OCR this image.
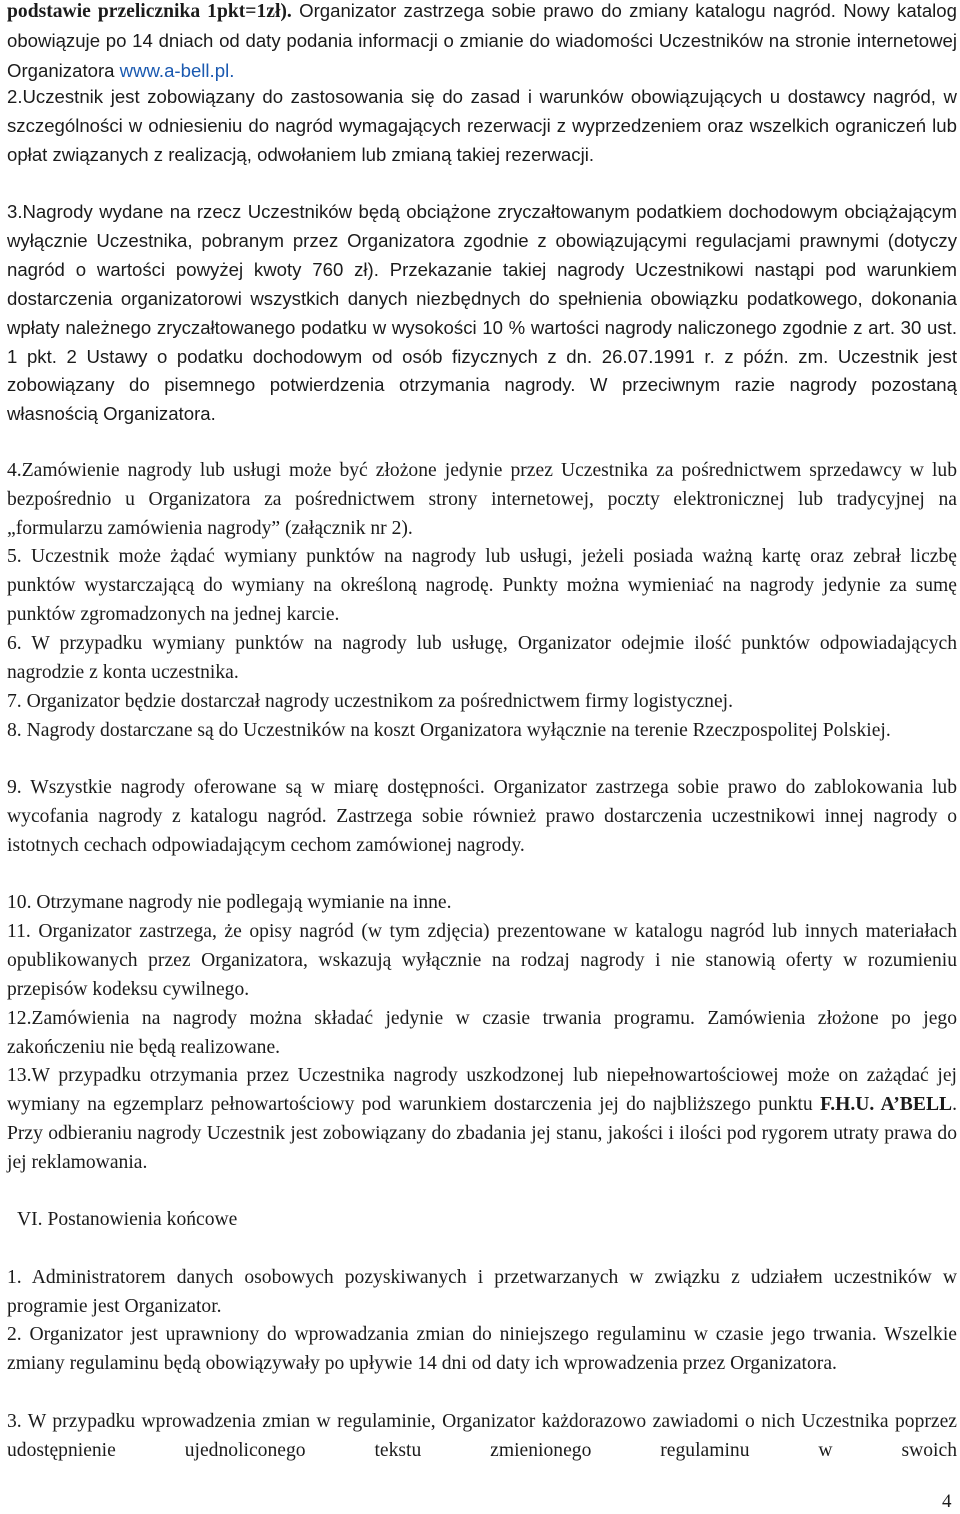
podstawie przelicznika 1pkt=1zł). Organizator zastrzega sobie prawo do zmiany katalogu nagród. Nowy katalog obowiązuje po 14 dniach od daty podania informacji o zmianie do wiadomości Uczestników na stronie internetowej Organizatora www.a-bell.pl.

2.Uczestnik jest zobowiązany do zastosowania się do zasad i warunków obowiązujących u dostawcy nagród, w szczególności w odniesieniu do nagród wymagających rezerwacji z wyprzedzeniem oraz wszelkich ograniczeń lub opłat związanych z realizacją, odwołaniem lub zmianą takiej rezerwacji.

3.Nagrody wydane na rzecz Uczestników będą obciążone zryczałtowanym podatkiem dochodowym obciążającym wyłącznie Uczestnika, pobranym przez Organizatora zgodnie z obowiązującymi regulacjami prawnymi (dotyczy nagród o wartości powyżej kwoty 760 zł). Przekazanie takiej nagrody Uczestnikowi nastąpi pod warunkiem dostarczenia organizatorowi wszystkich danych niezbędnych do spełnienia obowiązku podatkowego, dokonania wpłaty należnego zryczałtowanego podatku w wysokości 10 % wartości nagrody naliczonego zgodnie z art. 30 ust. 1 pkt. 2 Ustawy o podatku dochodowym od osób fizycznych z dn. 26.07.1991 r. z późn. zm. Uczestnik jest zobowiązany do pisemnego potwierdzenia otrzymania nagrody. W przeciwnym razie nagrody pozostaną własnością Organizatora.

4.Zamówienie nagrody lub usługi może być złożone jedynie przez Uczestnika za pośrednictwem sprzedawcy w lub bezpośrednio u Organizatora za pośrednictwem strony internetowej, poczty elektronicznej lub tradycyjnej na „formularzu zamówienia nagrody” (załącznik nr 2).

5. Uczestnik może żądać wymiany punktów na nagrody lub usługi, jeżeli posiada ważną kartę oraz zebrał liczbę punktów wystarczającą do wymiany na określoną nagrodę. Punkty można wymieniać na nagrody jedynie za sumę punktów zgromadzonych na jednej karcie.

6. W przypadku wymiany punktów na nagrody lub usługę, Organizator odejmie ilość punktów odpowiadających nagrodzie z konta uczestnika.

7. Organizator będzie dostarczał nagrody uczestnikom za pośrednictwem firmy logistycznej.

8. Nagrody dostarczane są do Uczestników na koszt Organizatora wyłącznie na terenie Rzeczpospolitej Polskiej.

9. Wszystkie nagrody oferowane są w miarę dostępności. Organizator zastrzega sobie prawo do zablokowania lub wycofania nagrody z katalogu nagród. Zastrzega sobie również prawo dostarczenia uczestnikowi innej nagrody o istotnych cechach odpowiadającym cechom zamówionej nagrody.

10. Otrzymane nagrody nie podlegają wymianie na inne.

11. Organizator zastrzega, że opisy nagród (w tym zdjęcia) prezentowane w katalogu nagród lub innych materiałach opublikowanych przez Organizatora, wskazują wyłącznie na rodzaj nagrody i nie stanowią oferty w rozumieniu przepisów kodeksu cywilnego.

12.Zamówienia na nagrody można składać jedynie w czasie trwania programu. Zamówienia złożone po jego zakończeniu nie będą realizowane.

13.W przypadku otrzymania przez Uczestnika nagrody uszkodzonej lub niepełnowartościowej może on zażądać jej wymiany na egzemplarz pełnowartościowy pod warunkiem dostarczenia jej do najbliższego punktu F.H.U. A’BELL. Przy odbieraniu nagrody Uczestnik jest zobowiązany do zbadania jej stanu, jakości i ilości pod rygorem utraty prawa do jej reklamowania.

VI. Postanowienia końcowe

1. Administratorem danych osobowych pozyskiwanych i przetwarzanych w związku z udziałem uczestników w programie jest Organizator.

2. Organizator jest uprawniony do wprowadzania zmian do niniejszego regulaminu w czasie jego trwania. Wszelkie zmiany regulaminu będą obowiązywały po upływie 14 dni od daty ich wprowadzenia przez Organizatora.

3. W przypadku wprowadzenia zmian w regulaminie, Organizator każdorazowo zawiadomi o nich Uczestnika poprzez udostępnienie ujednoliconego tekstu zmienionego regulaminu w swoich

4
